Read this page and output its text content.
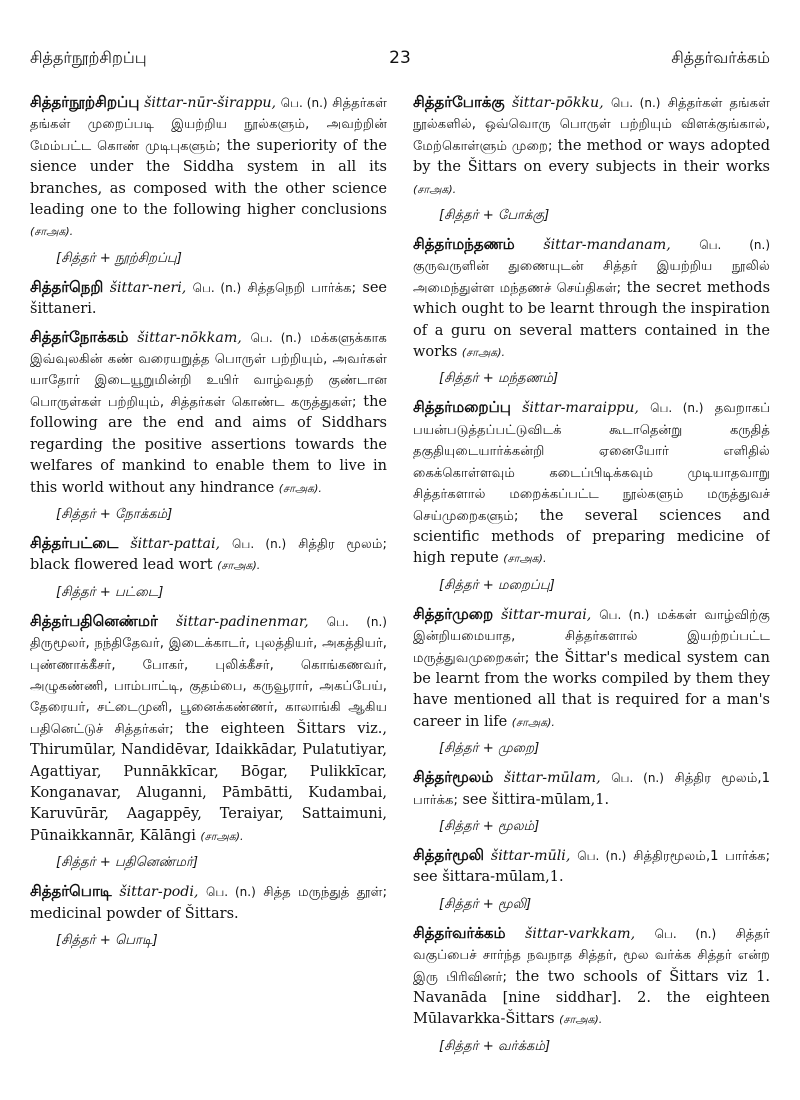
சித்தர்நூற்சிறப்பு	23	சித்தர்வர்க்கம்

சித்தர்நூற்சிறப்பு šittar-nūr-širappu, பெ. (n.) சித்தர்கள் தங்கள் முறைப்படி இயற்றிய நூல்களும், அவற்றின் மேம்பட்ட கொண் முடிபுகளும்; the superiority of the sience under the Siddha system in all its branches, as composed with the other science leading one to the following higher conclusions (சாஅக).

[சித்தர் + நூற்சிறப்பு]

சித்தர்நெறி šittar-neri, பெ. (n.) சித்தநெறி பார்க்க; see šittaneri.

சித்தர்நோக்கம் šittar-nōkkam, பெ. (n.) மக்களுக்காக இவ்வுலகின் கண் வரையறுத்த பொருள் பற்றியும், அவர்கள் யாதோர் இடையூறுமின்றி உயிர் வாழ்வதற் குண்டான பொருள்கள் பற்றியும், சித்தர்கள் கொண்ட கருத்துகள்; the following are the end and aims of Siddhars regarding the positive assertions towards the welfares of mankind to enable them to live in this world without any hindrance (சாஅக).

[சித்தர் + நோக்கம்]

சித்தர்பட்டை šittar-pattai, பெ. (n.) சித்திர மூலம்; black flowered lead wort (சாஅக).

[சித்தர் + பட்டை]

சித்தர்பதினெண்மர் šittar-padinenmar, பெ. (n.) திருமூலர், நந்திதேவர், இடைக்காடர், புலத்தியர், அகத்தியர், புண்ணாக்கீசர், போகர், புலிக்கீசர், கொங்கணவர், அழுகண்ணி, பாம்பாட்டி, குதம்பை, கருவூரார், அகப்பேய், தேரையர், சட்டைமுனி, பூனைக்கண்ணர், காலாங்கி ஆகிய பதினெட்டுச் சித்தர்கள்; the eighteen Šittars viz., Thirumūlar, Nandidēvar, Idaikkādar, Pulatutiyar, Agattiyar, Punnākkīcar, Bōgar, Pulikkīcar, Konganavar, Aluganni, Pāmbātti, Kudambai, Karuvūrār, Aagappēy, Teraiyar, Sattaimuni, Pūnaikkannār, Kālāngi (சாஅக).

[சித்தர் + பதினெண்மர்]

சித்தர்பொடி šittar-podi, பெ. (n.) சித்த மருந்துத் தூள்; medicinal powder of Šittars.

[சித்தர் + பொடி]

சித்தர்போக்கு šittar-pōkku, பெ. (n.) சித்தர்கள் தங்கள் நூல்களில், ஒவ்வொரு பொருள் பற்றியும் விளக்குங்கால், மேற்கொள்ளும் முறை; the method or ways adopted by the Šittars on every subjects in their works (சாஅக).

[சித்தர் + போக்கு]

சித்தர்மந்தணம் šittar-mandanam, பெ. (n.) குருவருளின் துணையுடன் சித்தர் இயற்றிய நூலில் அமைந்துள்ள மந்தணச் செய்திகள்; the secret methods which ought to be learnt through the inspiration of a guru on several matters contained in the works (சாஅக).

[சித்தர் + மந்தணம்]

சித்தர்மறைப்பு šittar-maraippu, பெ. (n.) தவறாகப் பயன்படுத்தப்பட்டுவிடக் கூடாதென்று கருதித் தகுதியுடையார்க்கன்றி ஏனையோர் எளிதில் கைக்கொள்ளவும் கடைப்பிடிக்கவும் முடியாதவாறு சித்தர்களால் மறைக்கப்பட்ட நூல்களும் மருத்துவச் செய்முறைகளும்; the several sciences and scientific methods of preparing medicine of high repute (சாஅக).

[சித்தர் + மறைப்பு]

சித்தர்முறை šittar-murai, பெ. (n.) மக்கள் வாழ்விற்கு இன்றியமையாத, சித்தர்களால் இயற்றப்பட்ட மருத்துவமுறைகள்; the Šittar's medical system can be learnt from the works compiled by them they have mentioned all that is required for a man's career in life (சாஅக).

[சித்தர் + முறை]

சித்தர்மூலம் šittar-mūlam, பெ. (n.) சித்திர மூலம்,1 பார்க்க; see šittira-mūlam,1.

[சித்தர் + மூலம்]

சித்தர்மூலி šittar-mūli, பெ. (n.) சித்திரமூலம்,1 பார்க்க; see šittara-mūlam,1.

[சித்தர் + மூலி]

சித்தர்வர்க்கம் šittar-varkkam, பெ. (n.) சித்தர் வகுப்பைச் சார்ந்த நவநாத சித்தர், மூல வர்க்க சித்தர் என்ற இரு பிரிவினர்; the two schools of Šittars viz 1. Navanāda [nine siddhar]. 2. the eighteen Mūlavarkka-Šittars (சாஅக).

[சித்தர் + வர்க்கம்]
